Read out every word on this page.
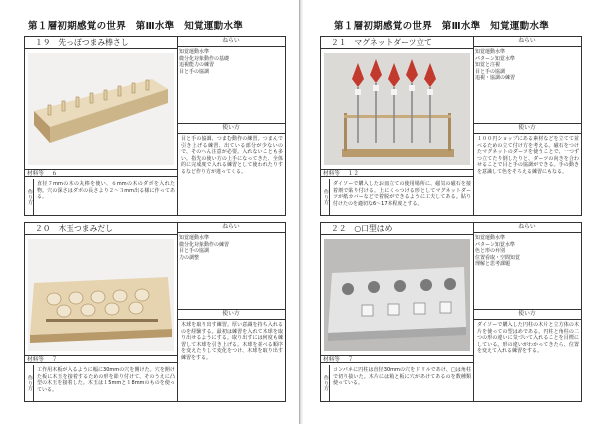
第１層初期感覚の世界　第Ⅲ水準　知覚運動水準
１９　先っぽつまみ棒さし
材料等 ６
作り方
直径７mmの木の丸棒を使い、６mmの木のダボを入れた物。穴の深さはダボの長さより２〜３mm出る様に作ってある。
ねらい
知覚運動水準
微分化対象動作の基礎
追視能力の練習
目と手の協調
使い方
目と手の協調、つまむ動作の練習。つまんで引き上げる練習、出ている部分が少ないので、そのへん注意が必要。入れないことも多い。指先の使い方の上手になってきた、全体的に完成度で入れる練習として使われたりするなど作り方が違ってくる。
２０　木玉つまみだし
材料等 ７
作り方
工作用木板が入るように幅に30mmの穴を開けた。穴を開けた板に木玉を接着するための形を彫り付けて、そのうえに凸型の木玉を接着した。木玉は１5mmと１8mmのものを使っている。
ねらい
知覚運動水準
微分化対象動作の練習
目と手の協調
力の調整
使い方
木球を取り出す練習。厚い意識を持ち入れるのを経験する。最初は練習を入れて木球を取り出せるようにする。取り出すには何度も練習して木球を引き上げる。木球を並べる順序を変えたりして変化をつけ、木球を取り出す練習をする。
第１層初期感覚の世界　第Ⅲ水準　知覚運動水準
２１　マグネットダーツ立て
材料等 １２
作り方
ダイソーで購入したお皿立ての使用場所に、磁気の磁石を接着剤で貼り付ける。上にくっつける形としてマグネットダーツが紙カバーなどで着脱ができるように工夫してある。貼り付けたのを適切な6〜17本程度とする。
ねらい
知覚運動水準
パターン知覚水準
知覚と注視
目と手の協調
追視・協調の練習
使い方
１００円ショップにある素材などを立てて並べるための立て付け方を考える。磁石をつけたマグネットのダーツを使うことで、一つずつ立てたり倒したりと、ダーツの向きを合わせることで目と手の協調ができる。手の動きを意識して色をそろえる練習にもなる。
２２　○口型はめ
材料等 ７
作り方
コンパネに円柱は直径30mmの穴をドリルであけ、□は角柱で切り抜いた。木片には箱と板に穴があけてあるのを数種類使っている。
ねらい
知覚運動水準
パターン知覚水準
色と形の弁別
位置看取・空間知覚
理解と思考課題
使い方
ダイソーで購入した円柱の木片と立方体の木片を使っての型はめである。円柱と角柱の二つの形の違いに気づいて入れることを目標にしている。形の違いがわかってきたら、位置を変えて入れる練習をする。
